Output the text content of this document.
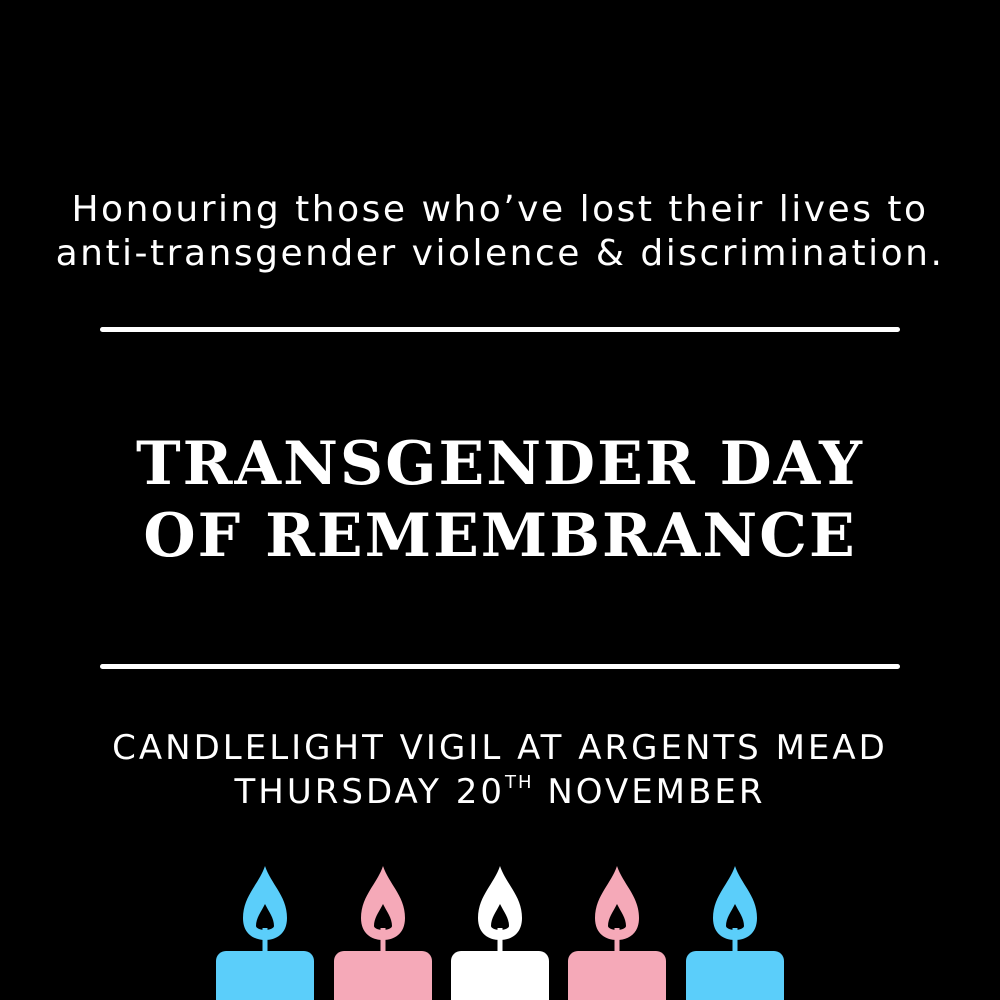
Honouring those who’ve lost their lives to
anti-transgender violence & discrimination.
TRANSGENDER DAY
OF REMEMBRANCE
CANDLELIGHT VIGIL AT ARGENTS MEAD
THURSDAY 20TH NOVEMBER
